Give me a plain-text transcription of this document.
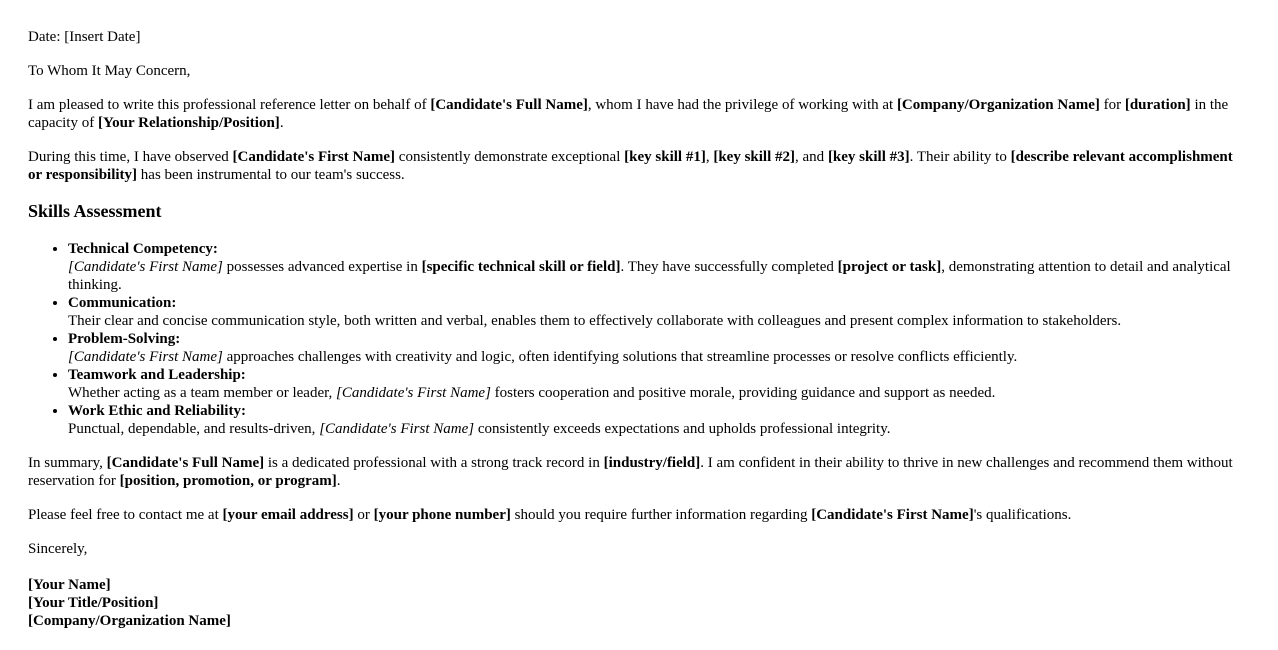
Date: [Insert Date]

To Whom It May Concern,

I am pleased to write this professional reference letter on behalf of [Candidate's Full Name], whom I have had the privilege of working with at [Company/Organization Name] for [duration] in the capacity of [Your Relationship/Position].

During this time, I have observed [Candidate's First Name] consistently demonstrate exceptional [key skill #1], [key skill #2], and [key skill #3]. Their ability to [describe relevant accomplishment or responsibility] has been instrumental to our team's success.

Skills Assessment
• Technical Competency:
[Candidate's First Name] possesses advanced expertise in [specific technical skill or field]. They have successfully completed [project or task], demonstrating attention to detail and analytical thinking.
• Communication:
Their clear and concise communication style, both written and verbal, enables them to effectively collaborate with colleagues and present complex information to stakeholders.
• Problem-Solving:
[Candidate's First Name] approaches challenges with creativity and logic, often identifying solutions that streamline processes or resolve conflicts efficiently.
• Teamwork and Leadership:
Whether acting as a team member or leader, [Candidate's First Name] fosters cooperation and positive morale, providing guidance and support as needed.
• Work Ethic and Reliability:
Punctual, dependable, and results-driven, [Candidate's First Name] consistently exceeds expectations and upholds professional integrity.

In summary, [Candidate's Full Name] is a dedicated professional with a strong track record in [industry/field]. I am confident in their ability to thrive in new challenges and recommend them without reservation for [position, promotion, or program].

Please feel free to contact me at [your email address] or [your phone number] should you require further information regarding [Candidate's First Name]'s qualifications.

Sincerely,

[Your Name]

[Your Title/Position]

[Company/Organization Name]
